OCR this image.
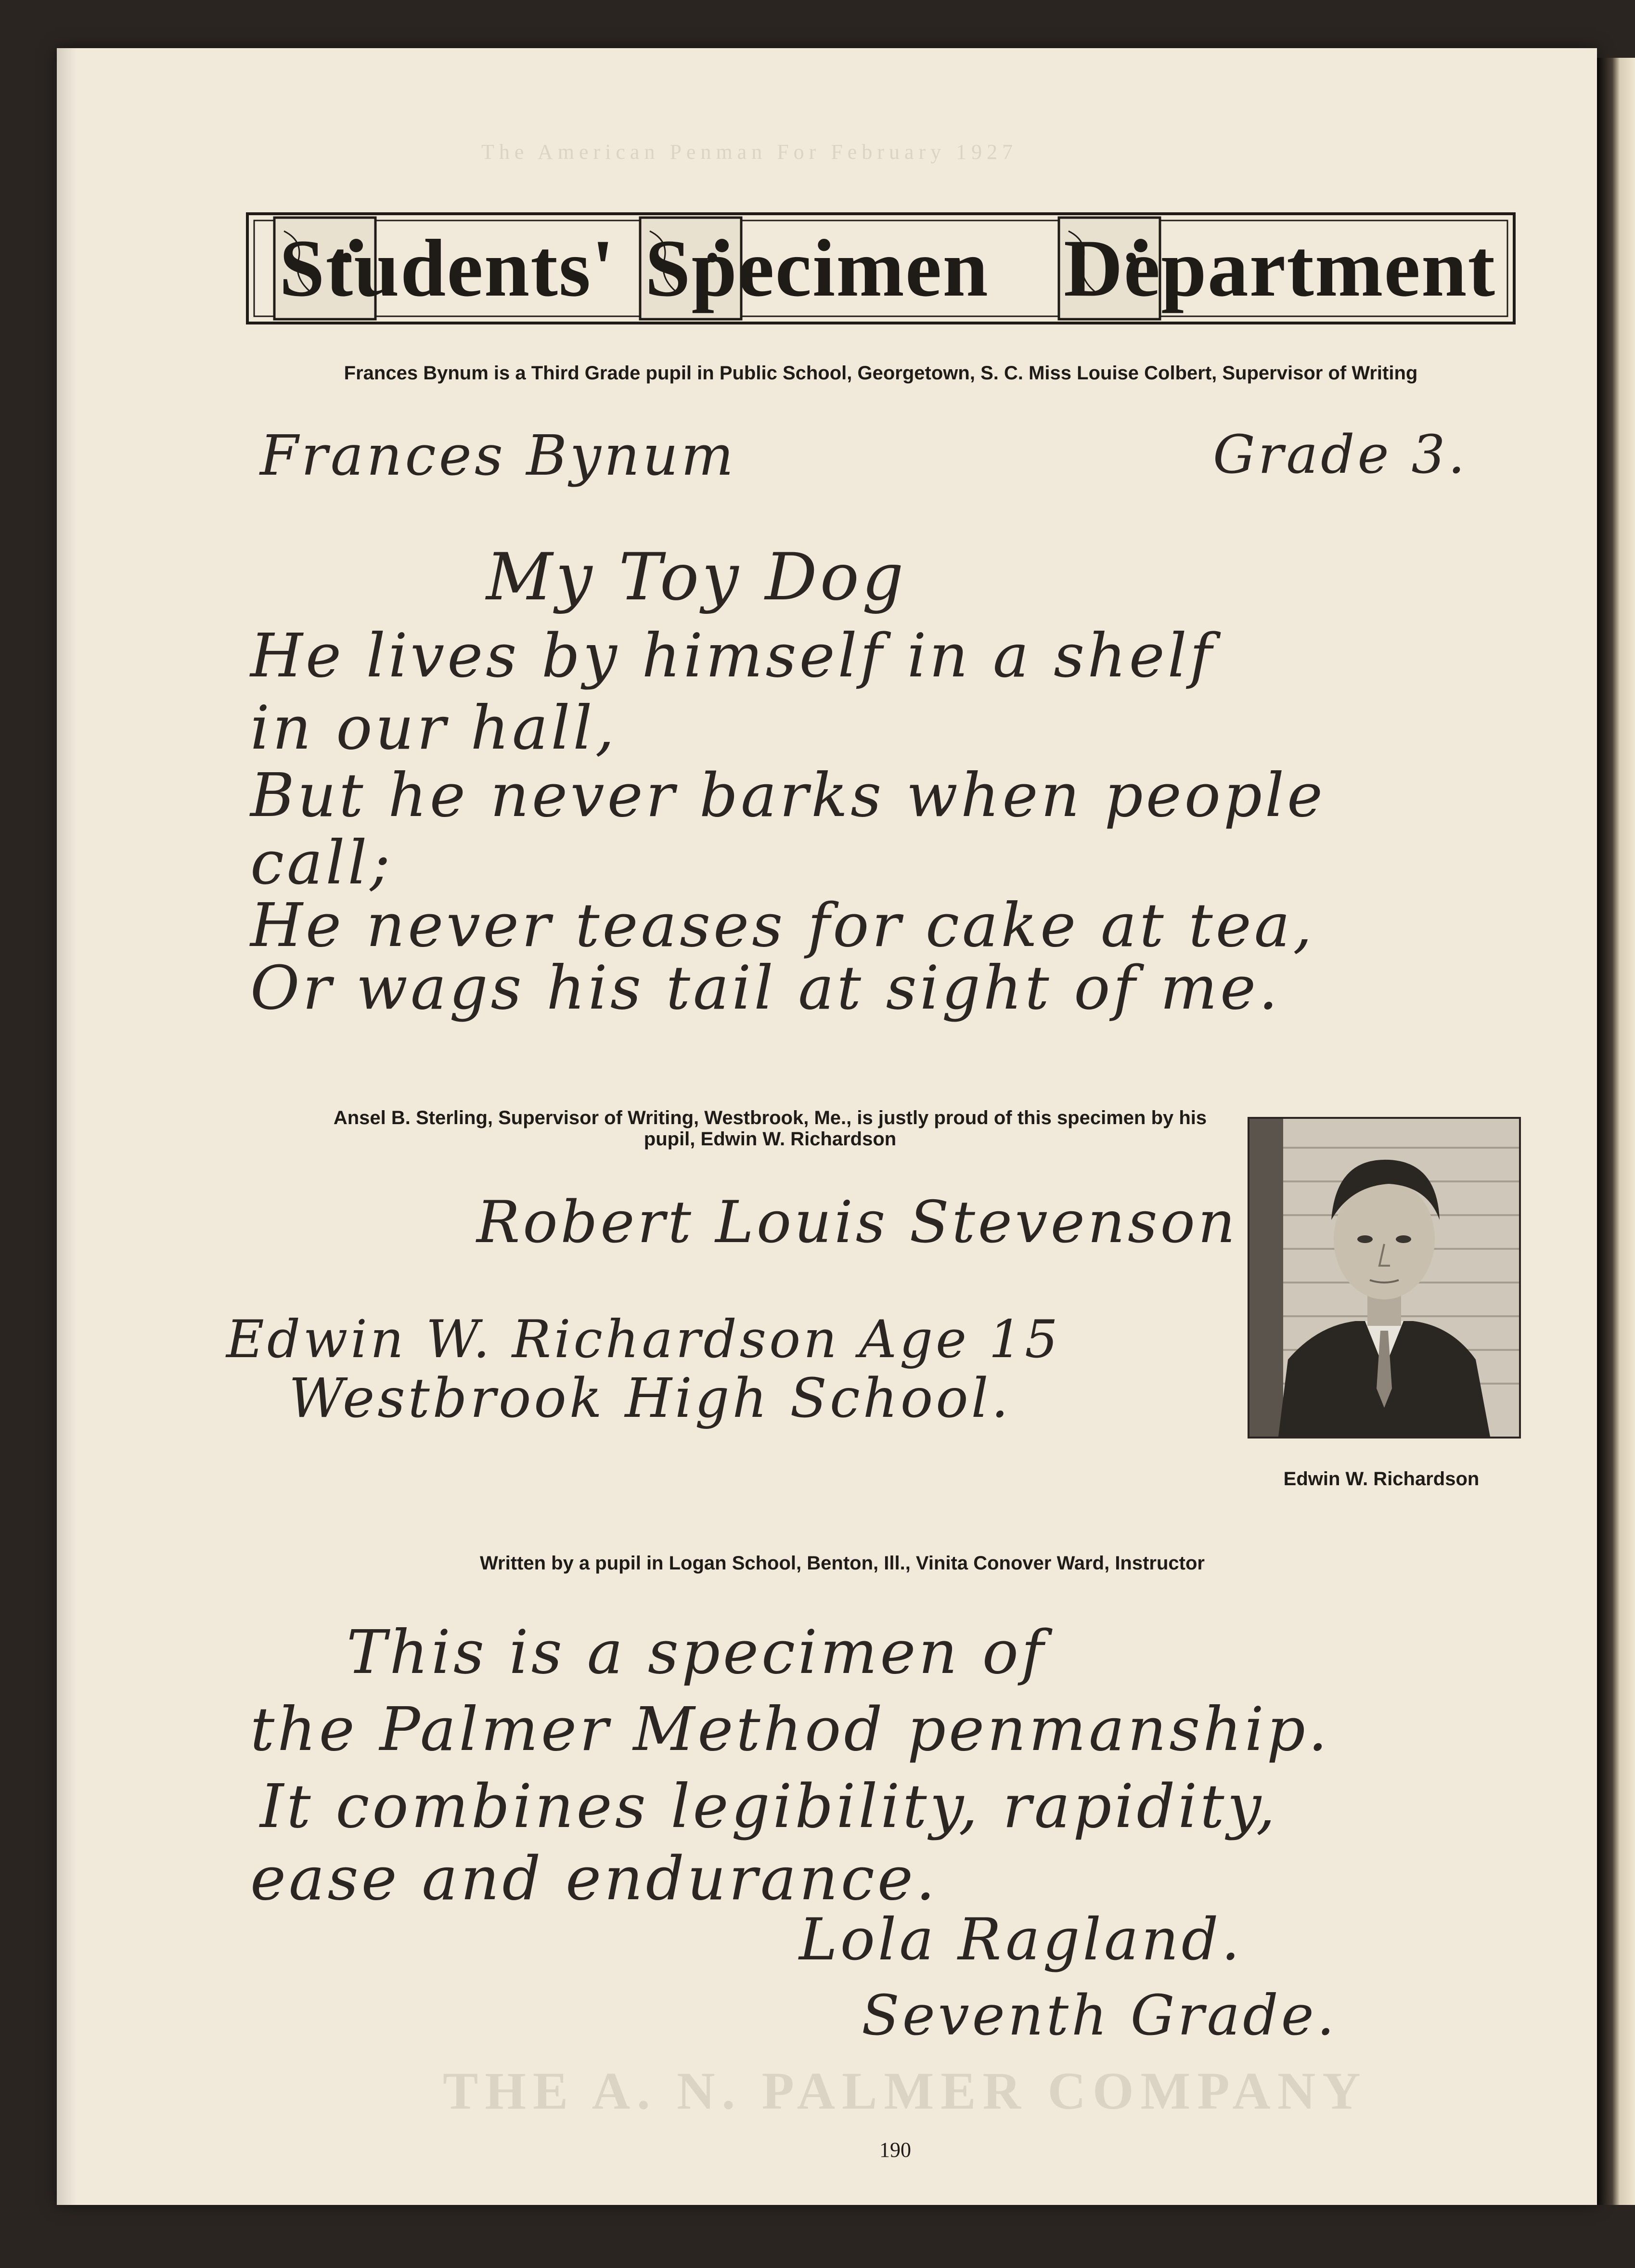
The American Penman For February 1927
THE A. N. PALMER COMPANY
Students' Specimen Department
Frances Bynum is a Third Grade pupil in Public School, Georgetown, S. C. Miss Louise Colbert, Supervisor of Writing
Frances Bynum	Grade 3.
My Toy Dog
He lives by himself in a shelf
in our hall,
But he never barks when people
call;
He never teases for cake at tea,
Or wags his tail at sight of me.
Ansel B. Sterling, Supervisor of Writing, Westbrook, Me., is justly proud of this specimen by his pupil, Edwin W. Richardson
Robert Louis Stevenson
Edwin W. Richardson Age 15
Westbrook High School.
Edwin W. Richardson
Written by a pupil in Logan School, Benton, Ill., Vinita Conover Ward, Instructor
This is a specimen of
the Palmer Method penmanship.
It combines legibility, rapidity,
ease and endurance.
Lola Ragland.
Seventh Grade.
190
